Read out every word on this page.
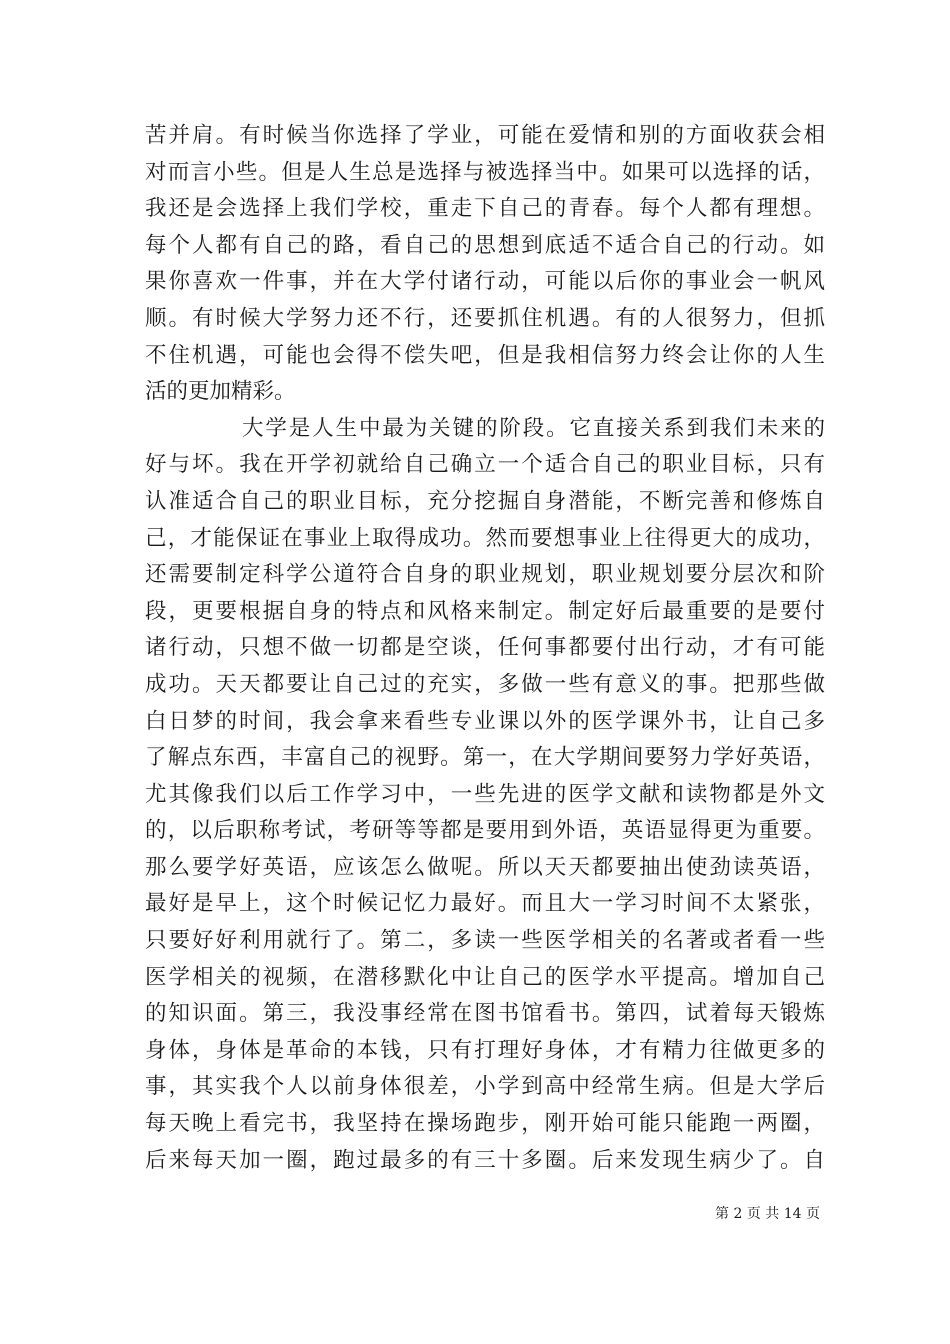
苦并肩。有时候当你选择了学业，可能在爱情和别的方面收获会相
对而言小些。但是人生总是选择与被选择当中。如果可以选择的话，
我还是会选择上我们学校，重走下自己的青春。每个人都有理想。
每个人都有自己的路，看自己的思想到底适不适合自己的行动。如
果你喜欢一件事，并在大学付诸行动，可能以后你的事业会一帆风
顺。有时候大学努力还不行，还要抓住机遇。有的人很努力，但抓
不住机遇，可能也会得不偿失吧，但是我相信努力终会让你的人生
活的更加精彩。

大学是人生中最为关键的阶段。它直接关系到我们未来的
好与坏。我在开学初就给自己确立一个适合自己的职业目标，只有
认准适合自己的职业目标，充分挖掘自身潜能，不断完善和修炼自
己，才能保证在事业上取得成功。然而要想事业上往得更大的成功，
还需要制定科学公道符合自身的职业规划，职业规划要分层次和阶
段，更要根据自身的特点和风格来制定。制定好后最重要的是要付
诸行动，只想不做一切都是空谈，任何事都要付出行动，才有可能
成功。天天都要让自己过的充实，多做一些有意义的事。把那些做
白日梦的时间，我会拿来看些专业课以外的医学课外书，让自己多
了解点东西，丰富自己的视野。第一，在大学期间要努力学好英语，
尤其像我们以后工作学习中，一些先进的医学文献和读物都是外文
的，以后职称考试，考研等等都是要用到外语，英语显得更为重要。
那么要学好英语，应该怎么做呢。所以天天都要抽出使劲读英语，
最好是早上，这个时候记忆力最好。而且大一学习时间不太紧张，
只要好好利用就行了。第二，多读一些医学相关的名著或者看一些
医学相关的视频，在潜移默化中让自己的医学水平提高。增加自己
的知识面。第三，我没事经常在图书馆看书。第四，试着每天锻炼
身体，身体是革命的本钱，只有打理好身体，才有精力往做更多的
事，其实我个人以前身体很差，小学到高中经常生病。但是大学后
每天晚上看完书，我坚持在操场跑步，刚开始可能只能跑一两圈，
后来每天加一圈，跑过最多的有三十多圈。后来发现生病少了。自

第 2 页 共 14 页
